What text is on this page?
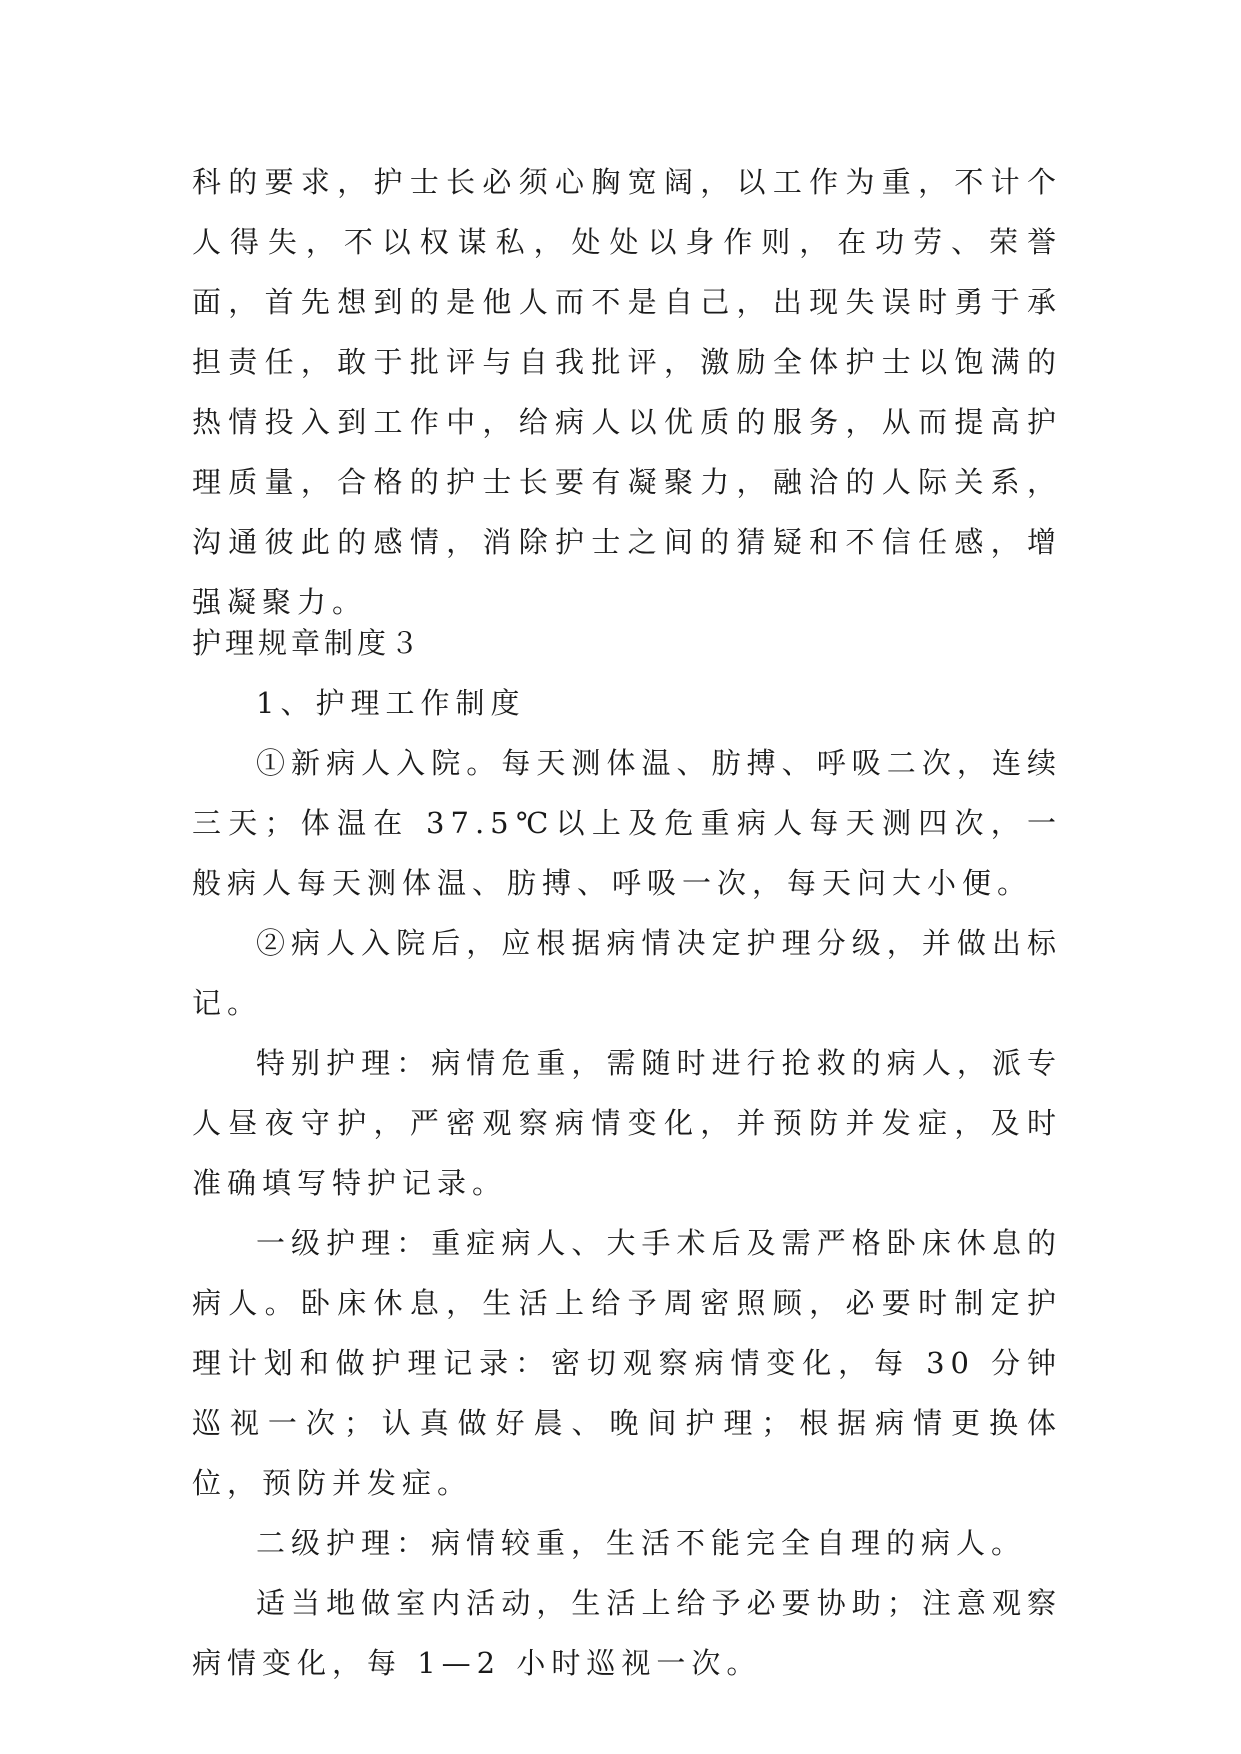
科的要求，护士长必须心胸宽阔，以工作为重，不计个人得失，不以权谋私，处处以身作则，在功劳、荣誉面，首先想到的是他人而不是自己，出现失误时勇于承担责任，敢于批评与自我批评，激励全体护士以饱满的热情投入到工作中，给病人以优质的服务，从而提高护理质量，合格的护士长要有凝聚力，融洽的人际关系，沟通彼此的感情，消除护士之间的猜疑和不信任感，增强凝聚力。

护理规章制度３

1、护理工作制度

①新病人入院。每天测体温、肪搏、呼吸二次，连续三天；体温在 37.5℃以上及危重病人每天测四次，一般病人每天测体温、肪搏、呼吸一次，每天问大小便。

②病人入院后，应根据病情决定护理分级，并做出标记。

特别护理：病情危重，需随时进行抢救的病人，派专人昼夜守护，严密观察病情变化，并预防并发症，及时准确填写特护记录。

一级护理：重症病人、大手术后及需严格卧床休息的病人。卧床休息，生活上给予周密照顾，必要时制定护理计划和做护理记录：密切观察病情变化，每 30 分钟巡视一次；认真做好晨、晚间护理；根据病情更换体位，预防并发症。

二级护理：病情较重，生活不能完全自理的病人。

适当地做室内活动，生活上给予必要协助；注意观察病情变化，每 1—2 小时巡视一次。
